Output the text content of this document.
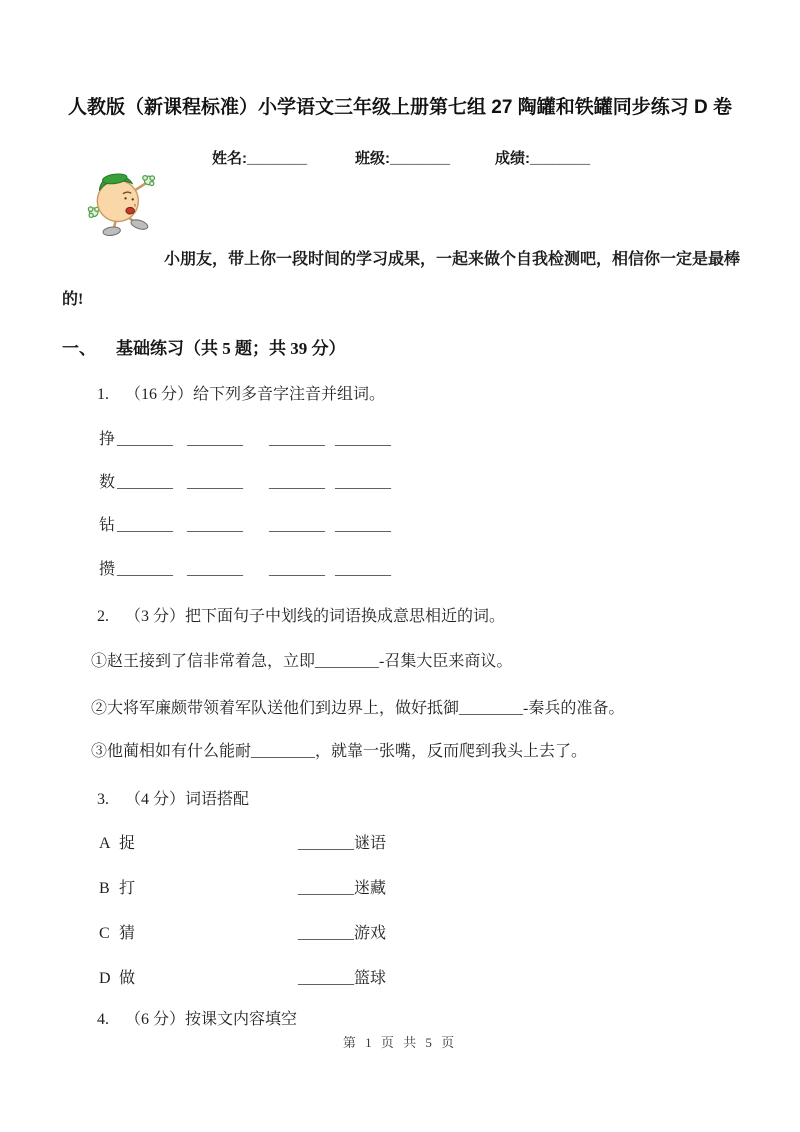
人教版（新课程标准）小学语文三年级上册第七组 27 陶罐和铁罐同步练习 D 卷
姓名:________	班级:________	成绩:________

小朋友，带上你一段时间的学习成果，一起来做个自我检测吧，相信你一定是最棒的!

一、 基础练习（共 5 题；共 39 分）

1. （16 分）给下列多音字注音并组词。

挣 _______ _______ _______ _______
数 _______ _______ _______ _______
钻 _______ _______ _______ _______
攒 _______ _______ _______ _______

2. （3 分）把下面句子中划线的词语换成意思相近的词。

①赵王接到了信非常着急，立即________-召集大臣来商议。

②大将军廉颇带领着军队送他们到边界上，做好抵御________-秦兵的准备。

③他蔺相如有什么能耐________，就靠一张嘴，反而爬到我头上去了。

3. （4 分）词语搭配

A 捉	_______谜语
B 打	_______迷藏
C 猜	_______游戏
D 做	_______篮球

4. （6 分）按课文内容填空

第 1 页 共 5 页
